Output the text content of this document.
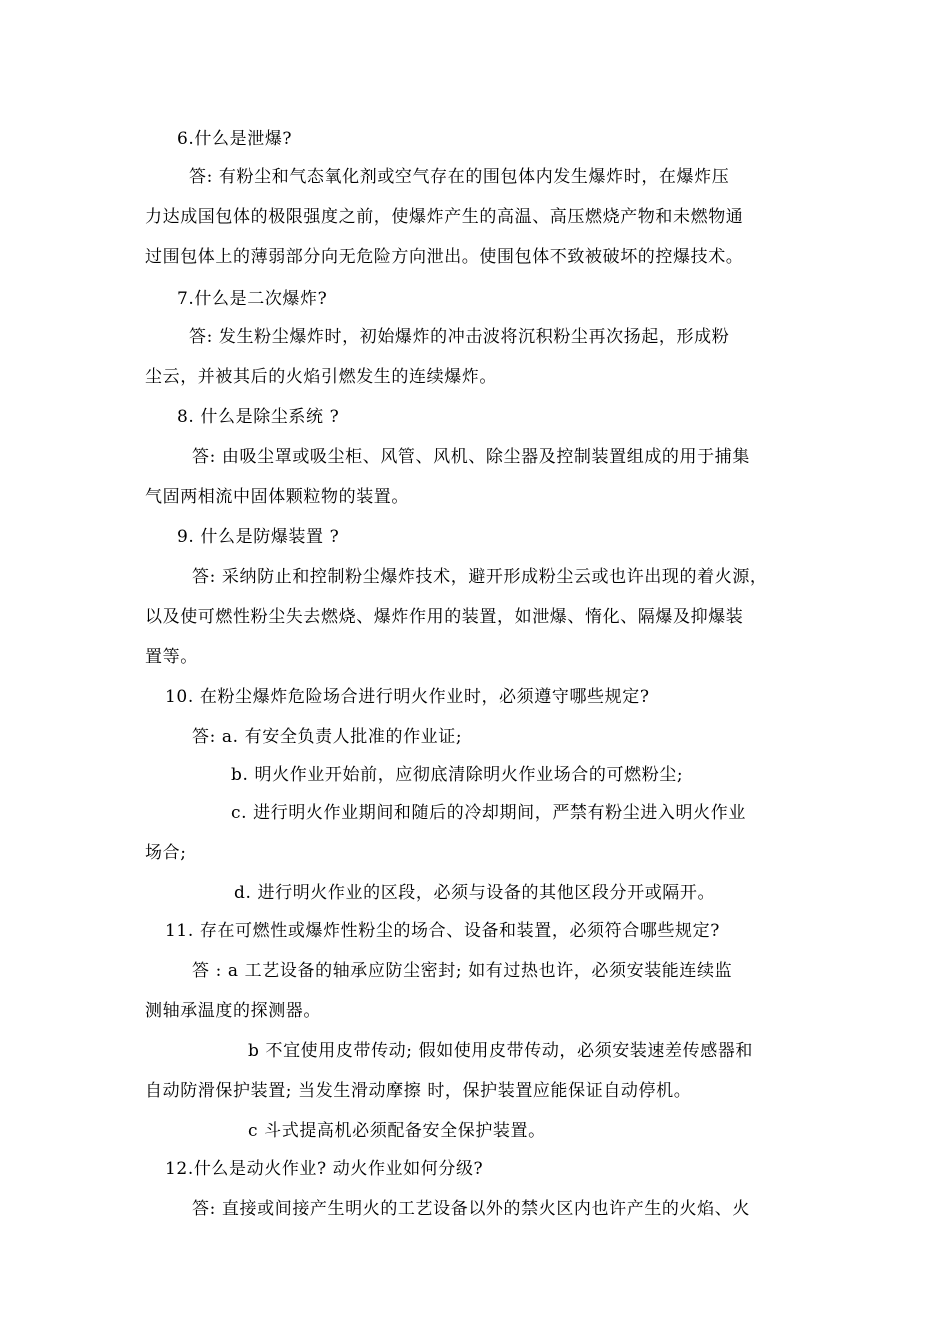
6.什么是泄爆?
答: 有粉尘和气态氧化剂或空气存在的围包体内发生爆炸时，在爆炸压
力达成国包体的极限强度之前，使爆炸产生的高温、高压燃烧产物和未燃物通
过围包体上的薄弱部分向无危险方向泄出。使围包体不致被破坏的控爆技术。
7.什么是二次爆炸?
答: 发生粉尘爆炸时，初始爆炸的冲击波将沉积粉尘再次扬起，形成粉
尘云，并被其后的火焰引燃发生的连续爆炸。
8. 什么是除尘系统 ?
答: 由吸尘罩或吸尘柜、风管、风机、除尘器及控制装置组成的用于捕集
气固两相流中固体颗粒物的装置。
9. 什么是防爆装置 ?
答: 采纳防止和控制粉尘爆炸技术，避开形成粉尘云或也许出现的着火源，
以及使可燃性粉尘失去燃烧、爆炸作用的装置，如泄爆、惰化、隔爆及抑爆装
置等。
10. 在粉尘爆炸危险场合进行明火作业时，必须遵守哪些规定?
答: a. 有安全负责人批准的作业证;
b. 明火作业开始前，应彻底清除明火作业场合的可燃粉尘;
c. 进行明火作业期间和随后的冷却期间，严禁有粉尘进入明火作业
场合;
d. 进行明火作业的区段，必须与设备的其他区段分开或隔开。
11. 存在可燃性或爆炸性粉尘的场合、设备和装置，必须符合哪些规定?
答 : a 工艺设备的轴承应防尘密封; 如有过热也许，必须安装能连续监
测轴承温度的探测器。
b 不宜使用皮带传动; 假如使用皮带传动，必须安装速差传感器和
自动防滑保护装置; 当发生滑动摩擦 时，保护装置应能保证自动停机。
c 斗式提高机必须配备安全保护装置。
12.什么是动火作业? 动火作业如何分级?
答: 直接或间接产生明火的工艺设备以外的禁火区内也许产生的火焰、火
